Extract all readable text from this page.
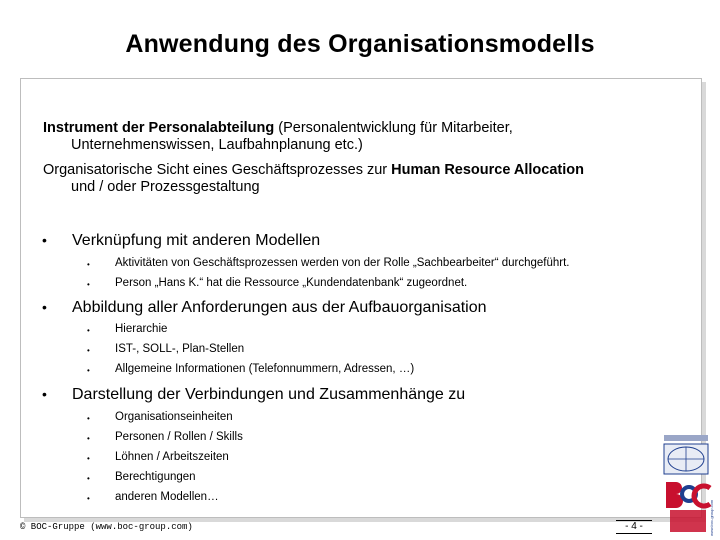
Anwendung des Organisationsmodells
Instrument der Personalabteilung (Personalentwicklung für Mitarbeiter,
Unternehmenswissen, Laufbahnplanung etc.)
Organisatorische Sicht eines Geschäftsprozesses zur Human Resource Allocation
und / oder Prozessgestaltung
• Verknüpfung mit anderen Modellen
• Aktivitäten von Geschäftsprozessen werden von der Rolle „Sachbearbeiter“ durchgeführt.
• Person „Hans K.“ hat die Ressource „Kundendatenbank“ zugeordnet.
• Abbildung aller Anforderungen aus der Aufbauorganisation
• Hierarchie
• IST-, SOLL-, Plan-Stellen
• Allgemeine Informationen (Telefonnummern, Adressen, …)
• Darstellung der Verbindungen und Zusammenhänge zu
• Organisationseinheiten
• Personen / Rollen / Skills
• Löhnen / Arbeitszeiten
• Berechtigungen
• anderen Modellen…
© BOC-Gruppe (www.boc-group.com)	- 4 -	www.boc-group.com
